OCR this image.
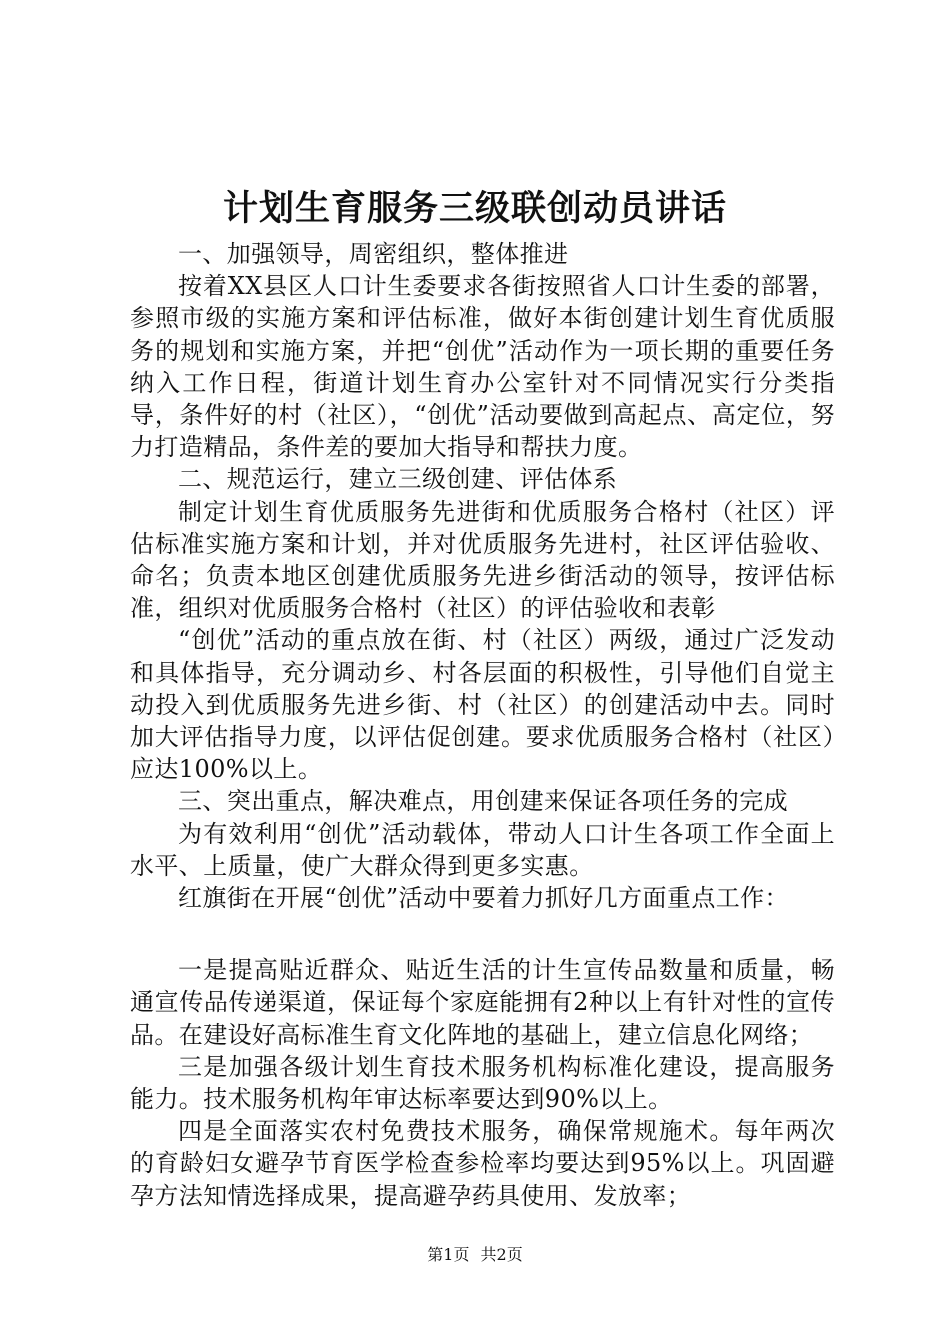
计划生育服务三级联创动员讲话

一、加强领导，周密组织，整体推进

按着XX县区人口计生委要求各街按照省人口计生委的部署，参照市级的实施方案和评估标准，做好本街创建计划生育优质服务的规划和实施方案，并把“创优”活动作为一项长期的重要任务纳入工作日程，街道计划生育办公室针对不同情况实行分类指导，条件好的村（社区），“创优”活动要做到高起点、高定位，努力打造精品，条件差的要加大指导和帮扶力度。

二、规范运行，建立三级创建、评估体系

制定计划生育优质服务先进街和优质服务合格村（社区）评估标准实施方案和计划，并对优质服务先进村，社区评估验收、命名；负责本地区创建优质服务先进乡街活动的领导，按评估标准，组织对优质服务合格村（社区）的评估验收和表彰

“创优”活动的重点放在街、村（社区）两级，通过广泛发动和具体指导，充分调动乡、村各层面的积极性，引导他们自觉主动投入到优质服务先进乡街、村（社区）的创建活动中去。同时加大评估指导力度，以评估促创建。要求优质服务合格村（社区）应达100%以上。

三、突出重点，解决难点，用创建来保证各项任务的完成

为有效利用“创优”活动载体，带动人口计生各项工作全面上水平、上质量，使广大群众得到更多实惠。

红旗街在开展“创优”活动中要着力抓好几方面重点工作：

一是提高贴近群众、贴近生活的计生宣传品数量和质量，畅通宣传品传递渠道，保证每个家庭能拥有2种以上有针对性的宣传品。在建设好高标准生育文化阵地的基础上，建立信息化网络；

三是加强各级计划生育技术服务机构标准化建设，提高服务能力。技术服务机构年审达标率要达到90%以上。

四是全面落实农村免费技术服务，确保常规施术。每年两次的育龄妇女避孕节育医学检查参检率均要达到95%以上。巩固避孕方法知情选择成果，提高避孕药具使用、发放率；

第1页 共2页
